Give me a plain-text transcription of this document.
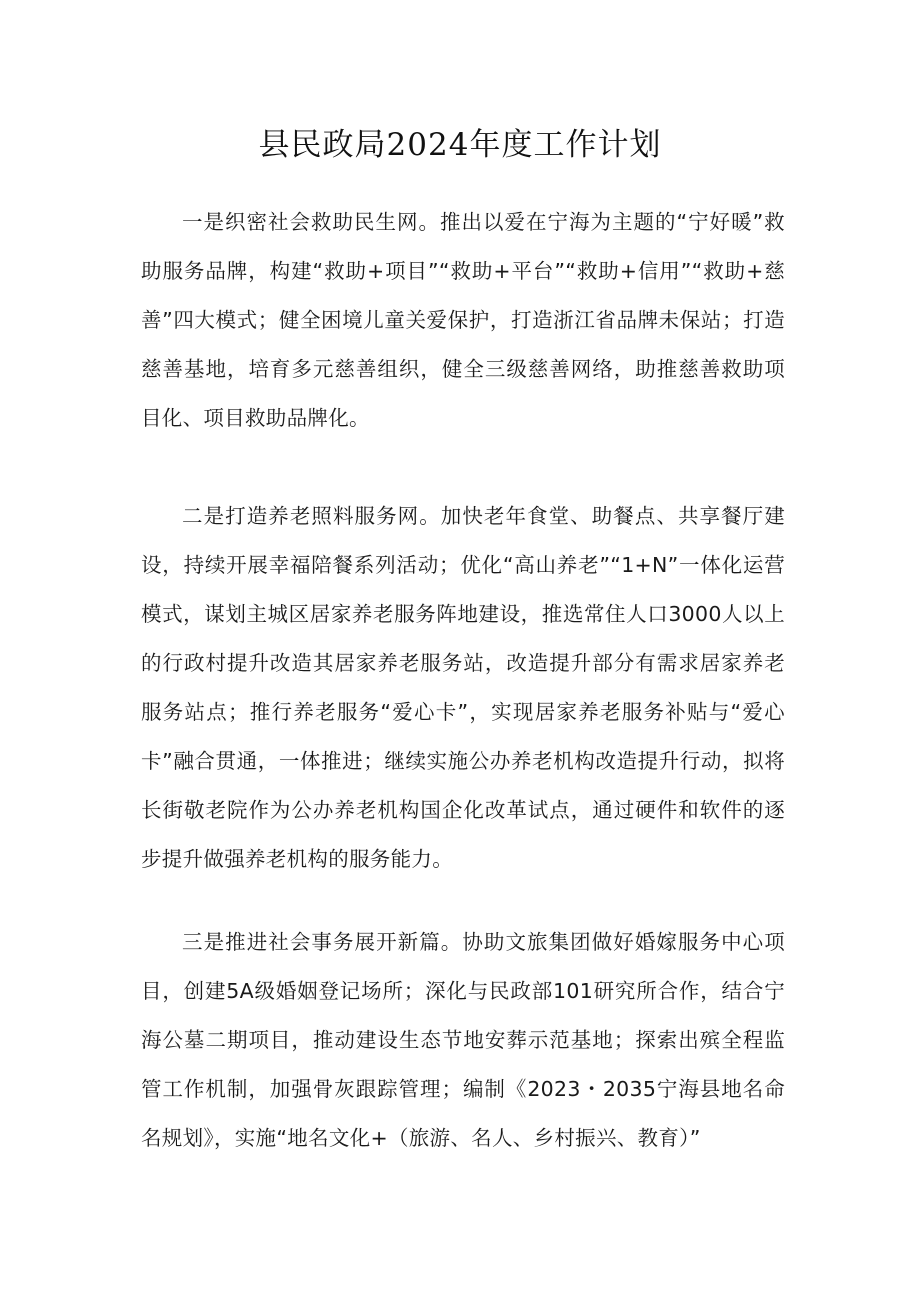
县民政局2024年度工作计划

一是织密社会救助民生网。推出以爱在宁海为主题的“宁好暖”救助服务品牌，构建“救助+项目”“救助+平台”“救助+信用”“救助+慈善”四大模式；健全困境儿童关爱保护，打造浙江省品牌未保站；打造慈善基地，培育多元慈善组织，健全三级慈善网络，助推慈善救助项目化、项目救助品牌化。

二是打造养老照料服务网。加快老年食堂、助餐点、共享餐厅建设，持续开展幸福陪餐系列活动；优化“高山养老”“1+N”一体化运营模式，谋划主城区居家养老服务阵地建设，推选常住人口3000人以上的行政村提升改造其居家养老服务站，改造提升部分有需求居家养老服务站点；推行养老服务“爱心卡”，实现居家养老服务补贴与“爱心卡”融合贯通，一体推进；继续实施公办养老机构改造提升行动，拟将长街敬老院作为公办养老机构国企化改革试点，通过硬件和软件的逐步提升做强养老机构的服务能力。

三是推进社会事务展开新篇。协助文旅集团做好婚嫁服务中心项目，创建5A级婚姻登记场所；深化与民政部101研究所合作，结合宁海公墓二期项目，推动建设生态节地安葬示范基地；探索出殡全程监管工作机制，加强骨灰跟踪管理；编制《2023・2035宁海县地名命名规划》，实施“地名文化+（旅游、名人、乡村振兴、教育）”
